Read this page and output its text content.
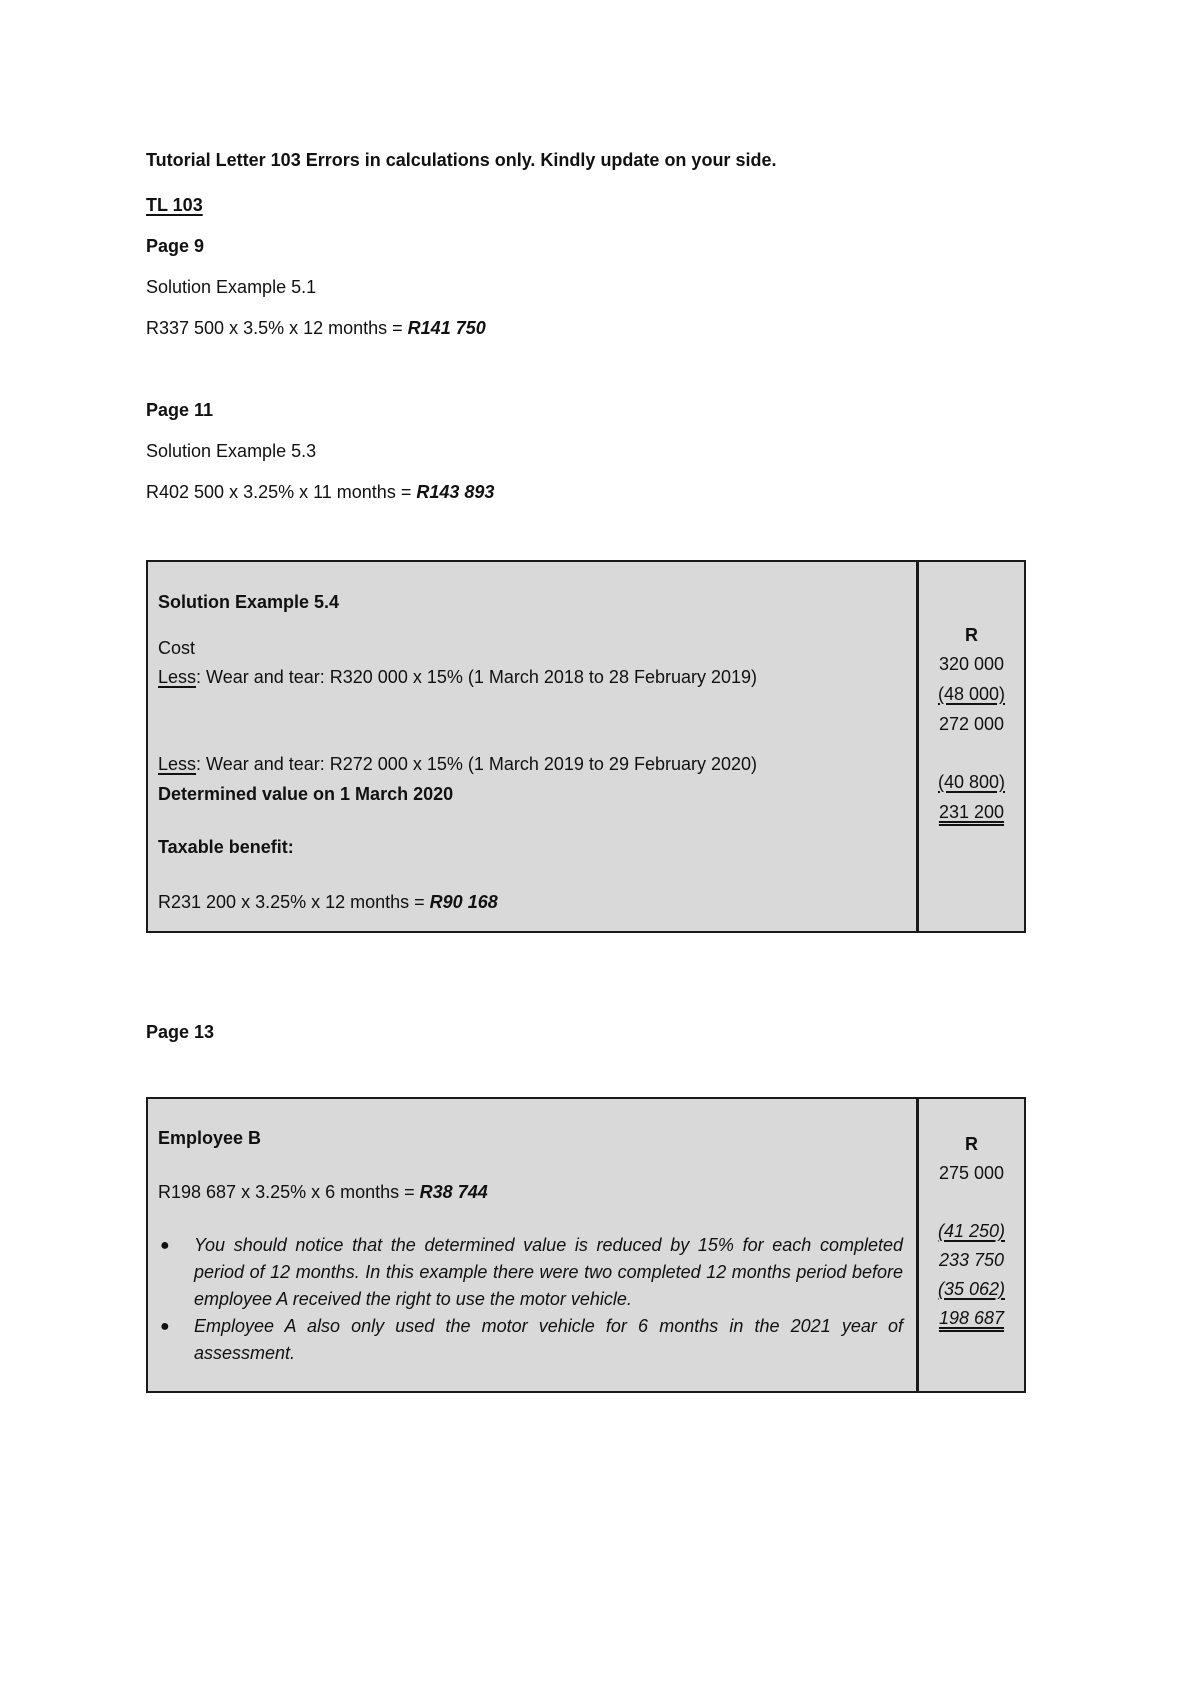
Tutorial Letter 103 Errors in calculations only. Kindly update on your side.
TL 103
Page 9
Solution Example 5.1
R337 500 x 3.5% x 12 months = R141 750
Page 11
Solution Example 5.3
R402 500 x 3.25% x 11 months = R143 893
Solution Example 5.4
Cost
Less: Wear and tear: R320 000 x 15% (1 March 2018 to 28 February 2019)
Less: Wear and tear: R272 000 x 15% (1 March 2019 to 29 February 2020)
Determined value on 1 March 2020
Taxable benefit:
R231 200 x 3.25% x 12 months = R90 168
R
320 000
(48 000)
272 000
(40 800)
231 200
Page 13
Employee B
R198 687 x 3.25% x 6 months = R38 744
● You should notice that the determined value is reduced by 15% for each completed period of 12 months. In this example there were two completed 12 months period before employee A received the right to use the motor vehicle.
● Employee A also only used the motor vehicle for 6 months in the 2021 year of assessment.
R
275 000
(41 250)
233 750
(35 062)
198 687
